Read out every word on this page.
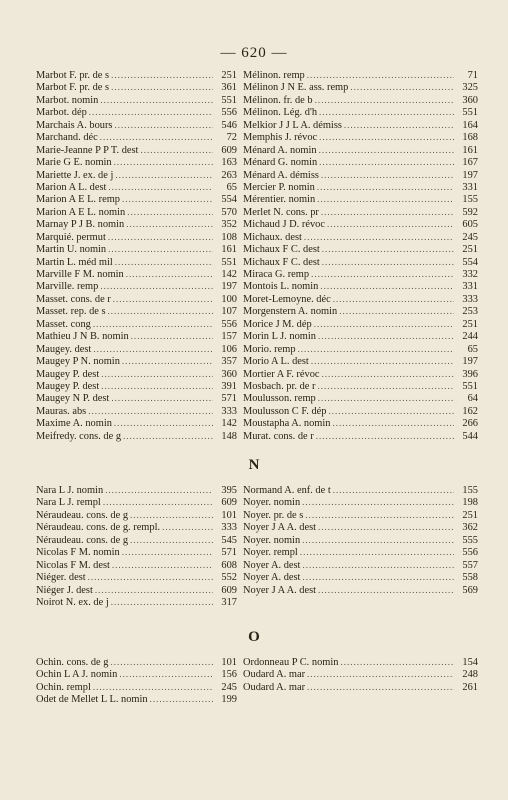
— 620 —
Marbot F. pr. de s .....	251
Marbot F. pr. de s .....	361
Marbot. nomin .....	551
Marbot. dép .....	556
Marchais A. bours .....	546
Marchand. déc .....	72
Marie-Jeanne P P T. dest .....	609
Marie G E. nomin .....	163
Mariette J. ex. de j .....	263
Marion A L. dest .....	65
Marion A E L. remp .....	554
Marion A E L. nomin .....	570
Marnay P J B. nomin .....	352
Marquié. permut .....	108
Martin U. nomin .....	161
Martin L. méd mil .....	551
Marville F M. nomin .....	142
Marville. remp .....	197
Masset. cons. de r .....	100
Masset. rep. de s .....	107
Masset. cong .....	556
Mathieu J N B. nomin .....	157
Maugey. dest .....	106
Maugey P N. nomin .....	357
Maugey P. dest .....	360
Maugey P. dest .....	391
Maugey N P. dest .....	571
Mauras. abs .....	333
Maxime A. nomin .....	142
Meifredy. cons. de g .....	148
Mélinon. remp .....	71
Mélinon J N E. ass. remp .....	325
Mélinon. fr. de b .....	360
Mélinon. Lég. d'h .....	551
Melkior J J L A. démiss .....	164
Memphis J. révoc .....	168
Ménard A. nomin .....	161
Ménard G. nomin .....	167
Ménard A. démiss .....	197
Mercier P. nomin .....	331
Mérentier. nomin .....	155
Merlet N. cons. pr .....	592
Michaud J D. révoc .....	605
Michaux. dest .....	245
Michaux F C. dest .....	251
Michaux F C. dest .....	554
Miraca G. remp .....	332
Montois L. nomin .....	331
Moret-Lemoyne. déc .....	333
Morgenstern A. nomin .....	253
Morice J M. dép .....	251
Morin L J. nomin .....	244
Morio. remp .....	65
Morio A L. dest .....	197
Mortier A F. révoc .....	396
Mosbach. pr. de r .....	551
Moulusson. remp .....	64
Moulusson C F. dép .....	162
Moustapha A. nomin .....	266
Murat. cons. de r .....	544
N
Nara L J. nomin .....	395
Nara L J. rempl .....	609
Néraudeau. cons. de g .....	101
Néraudeau. cons. de g. rempl. .....	333
Néraudeau. cons. de g .....	545
Nicolas F M. nomin .....	571
Nicolas F M. dest .....	608
Niéger. dest .....	552
Niéger J. dest .....	609
Noirot N. ex. de j .....	317
Normand A. enf. de t .....	155
Noyer. nomin .....	198
Noyer. pr. de s .....	251
Noyer J A A. dest .....	362
Noyer. nomin .....	555
Noyer. rempl .....	556
Noyer A. dest .....	557
Noyer A. dest .....	558
Noyer J A A. dest .....	569
O
Ochin. cons. de g .....	101
Ochin L A J. nomin .....	156
Ochin. rempl .....	245
Odet de Mellet L L. nomin .....	199
Ordonneau P C. nomin .....	154
Oudard A. mar .....	248
Oudard A. mar .....	261
